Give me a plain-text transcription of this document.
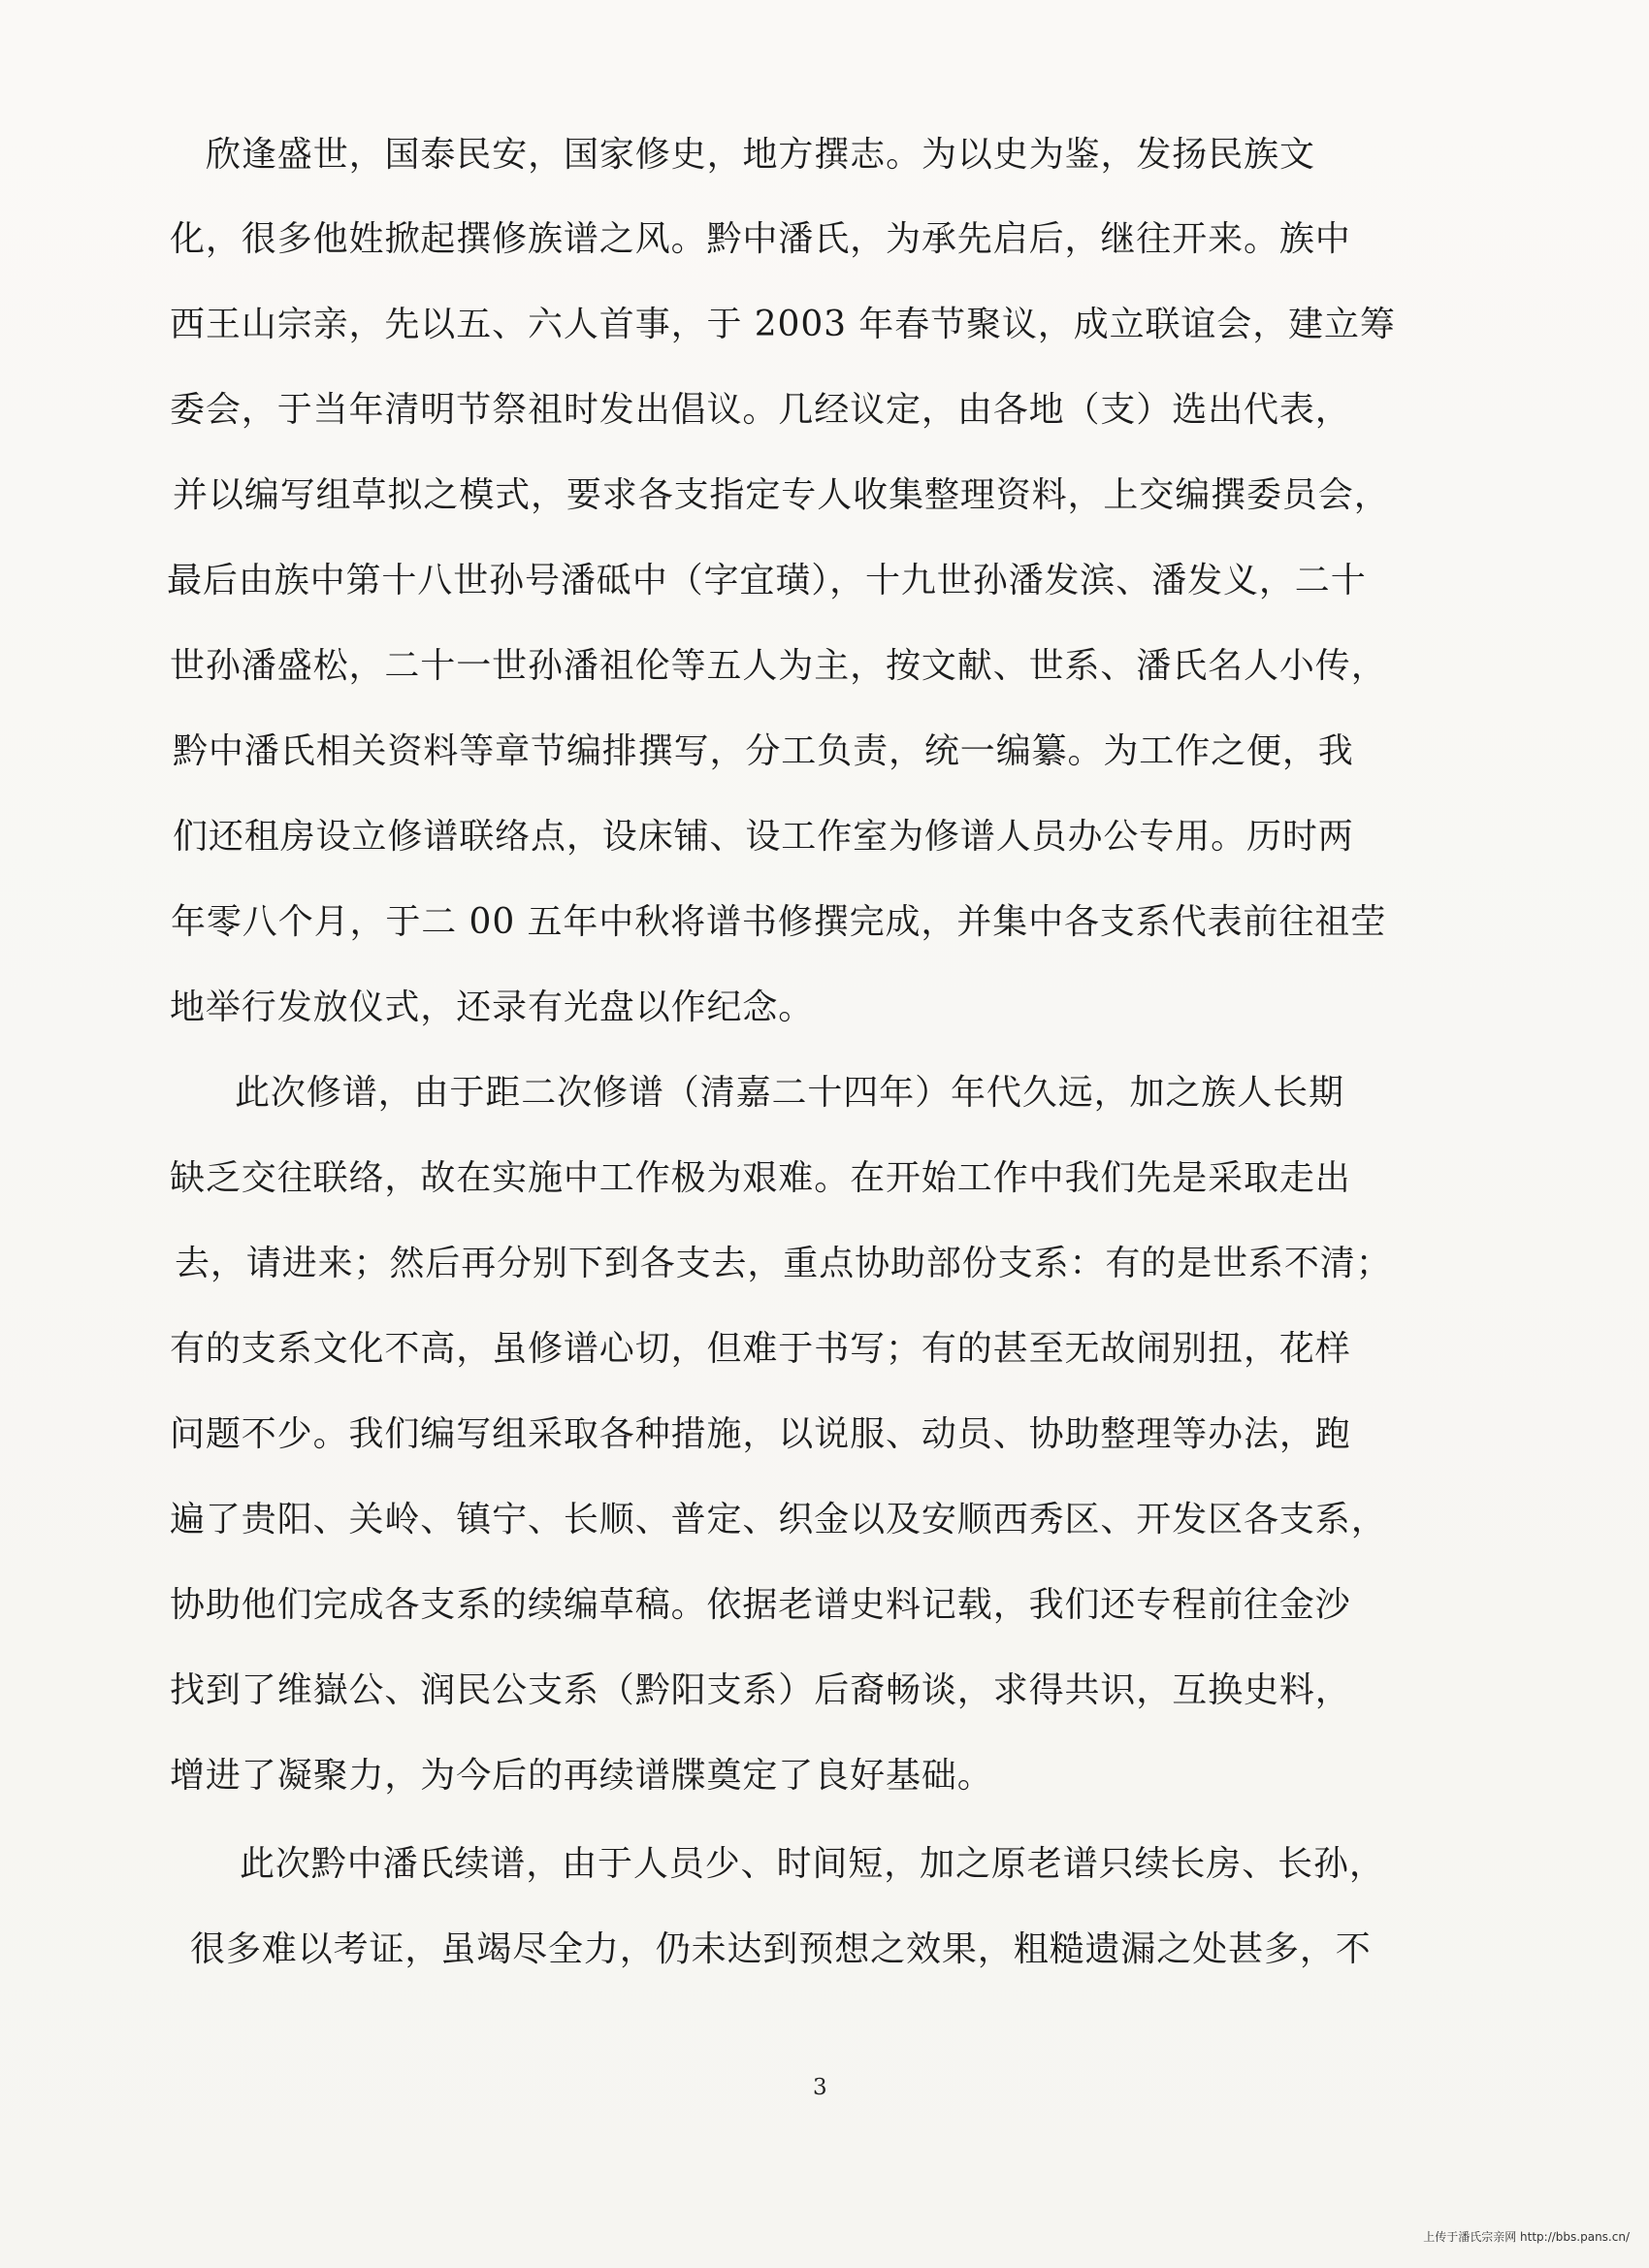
欣逢盛世，国泰民安，国家修史，地方撰志。为以史为鉴，发扬民族文
化，很多他姓掀起撰修族谱之风。黔中潘氏，为承先启后，继往开来。族中
西王山宗亲，先以五、六人首事，于 2003 年春节聚议，成立联谊会，建立筹
委会，于当年清明节祭祖时发出倡议。几经议定，由各地（支）选出代表，
并以编写组草拟之模式，要求各支指定专人收集整理资料，上交编撰委员会，
最后由族中第十八世孙号潘砥中（字宜璜），十九世孙潘发滨、潘发义，二十
世孙潘盛松，二十一世孙潘祖伦等五人为主，按文献、世系、潘氏名人小传，
黔中潘氏相关资料等章节编排撰写，分工负责，统一编纂。为工作之便，我
们还租房设立修谱联络点，设床铺、设工作室为修谱人员办公专用。历时两
年零八个月，于二 00 五年中秋将谱书修撰完成，并集中各支系代表前往祖茔
地举行发放仪式，还录有光盘以作纪念。
此次修谱，由于距二次修谱（清嘉二十四年）年代久远，加之族人长期
缺乏交往联络，故在实施中工作极为艰难。在开始工作中我们先是采取走出
去，请进来；然后再分别下到各支去，重点协助部份支系：有的是世系不清；
有的支系文化不高，虽修谱心切，但难于书写；有的甚至无故闹别扭，花样
问题不少。我们编写组采取各种措施，以说服、动员、协助整理等办法，跑
遍了贵阳、关岭、镇宁、长顺、普定、织金以及安顺西秀区、开发区各支系，
协助他们完成各支系的续编草稿。依据老谱史料记载，我们还专程前往金沙
找到了维嶽公、润民公支系（黔阳支系）后裔畅谈，求得共识，互换史料，
增进了凝聚力，为今后的再续谱牒奠定了良好基础。
此次黔中潘氏续谱，由于人员少、时间短，加之原老谱只续长房、长孙，
很多难以考证，虽竭尽全力，仍未达到预想之效果，粗糙遗漏之处甚多，不
3
上传于潘氏宗亲网 http://bbs.pans.cn/
